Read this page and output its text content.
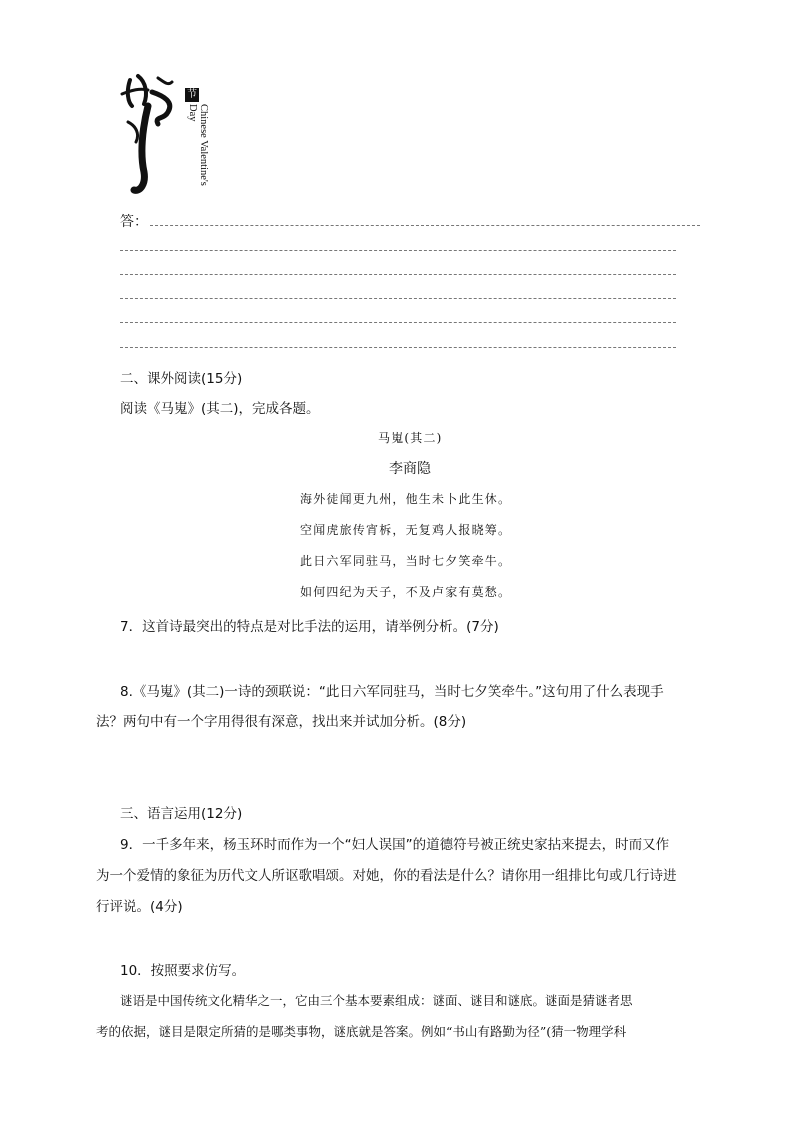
节
Chinese Valentine's Day
答：
二、课外阅读(15分)
阅读《马嵬》(其二)，完成各题。
马嵬(其二)
李商隐
海外徒闻更九州，他生未卜此生休。
空闻虎旅传宵柝，无复鸡人报晓筹。
此日六军同驻马，当时七夕笑牵牛。
如何四纪为天子，不及卢家有莫愁。
7．这首诗最突出的特点是对比手法的运用，请举例分析。(7分)
8.《马嵬》(其二)一诗的颈联说：“此日六军同驻马，当时七夕笑牵牛。”这句用了什么表现手
法？两句中有一个字用得很有深意，找出来并试加分析。(8分)
三、语言运用(12分)
9．一千多年来，杨玉环时而作为一个“妇人误国”的道德符号被正统史家拈来提去，时而又作
为一个爱情的象征为历代文人所讴歌唱颂。对她，你的看法是什么？请你用一组排比句或几行诗进
行评说。(4分)
10．按照要求仿写。
谜语是中国传统文化精华之一，它由三个基本要素组成：谜面、谜目和谜底。谜面是猜谜者思
考的依据，谜目是限定所猜的是哪类事物，谜底就是答案。例如“书山有路勤为径”(猜一物理学科
